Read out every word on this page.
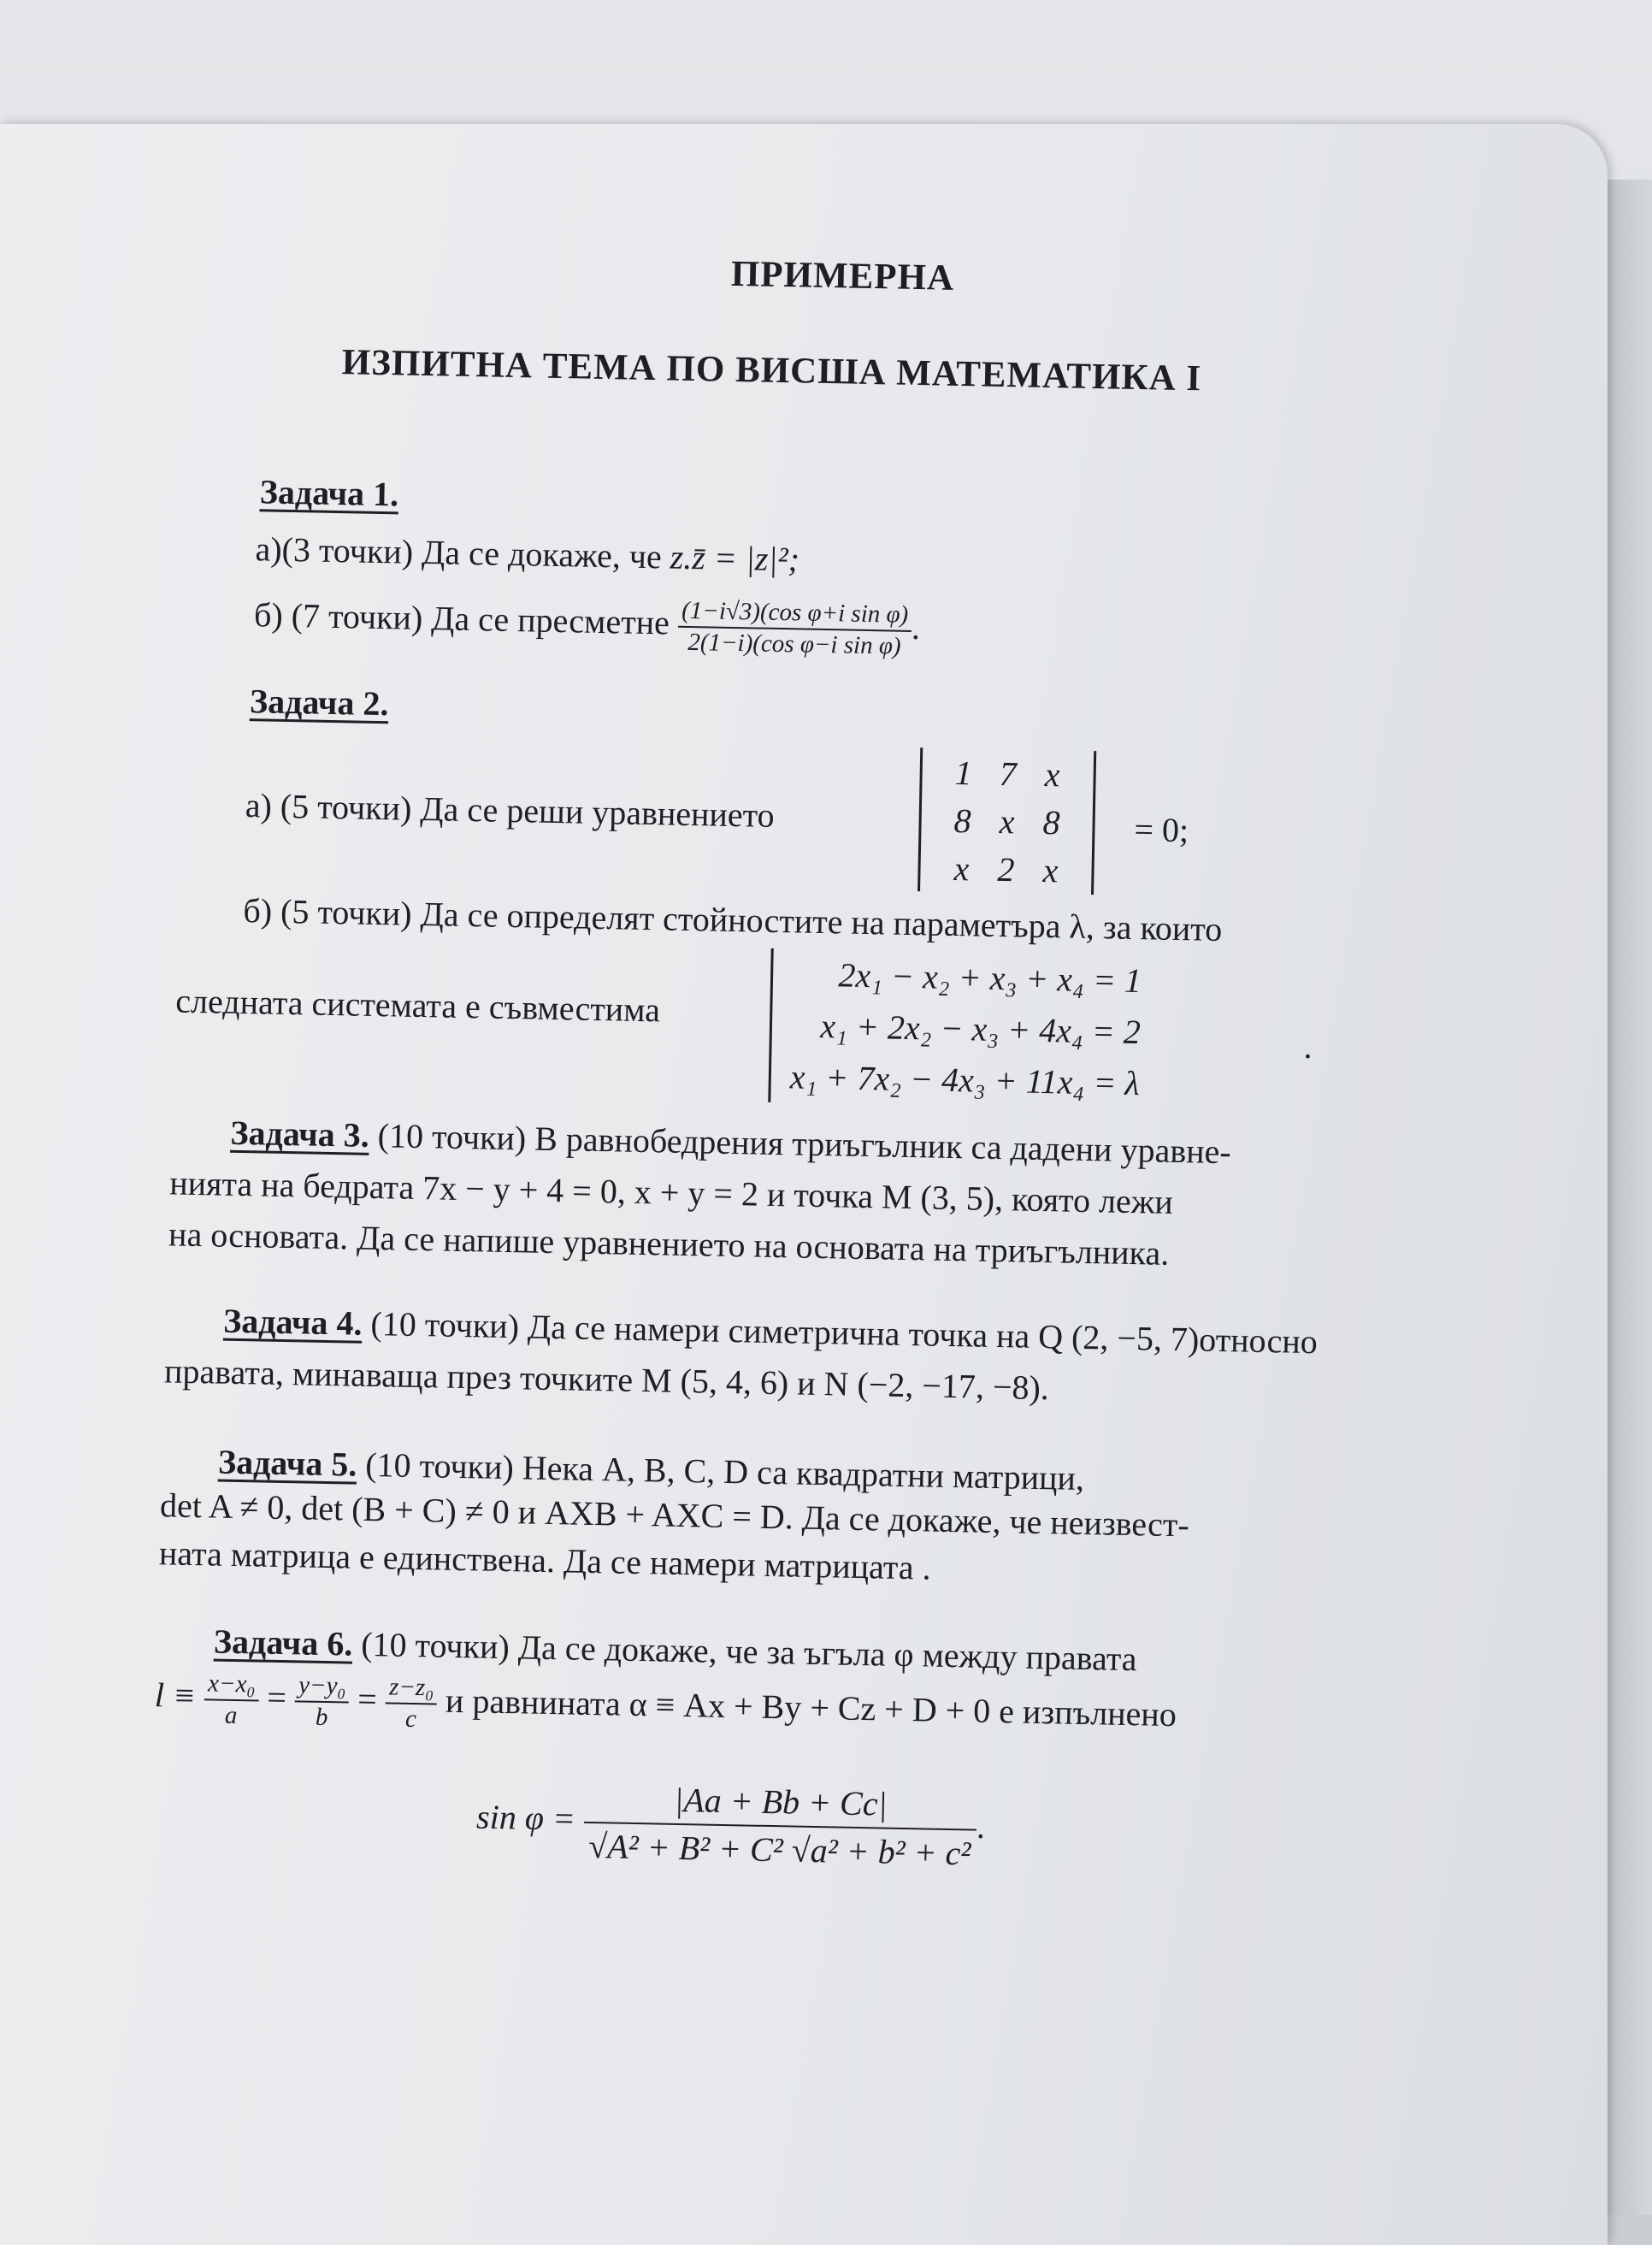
ПРИМЕРНА
ИЗПИТНА ТЕМА ПО ВИСША МАТЕМАТИКА I
Задача 1.
а)(3 точки) Да се докаже, че z.z̄ = |z|²;
б) (7 точки) Да се пресметне $\frac{\text{(1−i√3)(cos φ+i sin φ)}}{\text{2(1−i)(cos φ−i sin φ)}}$
.
Задача 2.
а) (5 точки) Да се реши уравнението
1	7	x
8	x	8
x	2	x
= 0;
б) (5 точки) Да се определят стойностите на параметъра λ, за които
следната системата е съвместима
2x₁ − x₂ + x₃ + x₄ = 1
x₁ + 2x₂ − x₃ + 4x₄ = 2
x₁ + 7x₂ − 4x₃ + 11x₄ = λ
.
Задача 3. (10 точки) В равнобедрения триъгълник са дадени уравне-
нията на бедрата 7x − y + 4 = 0, x + y = 2 и точка M (3, 5), която лежи
на основата. Да се напише уравнението на основата на триъгълника.
Задача 4. (10 точки) Да се намери симетрична точка на Q (2, −5, 7)относно
правата, минаваща през точките M (5, 4, 6) и N (−2, −17, −8).
Задача 5. (10 точки) Нека A, B, C, D са квадратни матрици,
det A ≠ 0, det (B + C) ≠ 0 и AXB + AXC = D. Да се докаже, че неизвест-
ната матрица е единствена. Да се намери матрицата .
Задача 6. (10 точки) Да се докаже, че за ъгъла φ между правата
$l \equiv \frac{\text{x−x₀}}{a} = \frac{\text{y−y₀}}{b} = \frac{\text{z−z₀}}{c}$ и равнината α ≡ Ax + By + Cz + D + 0 е изпълнено
$\sin \varphi = \frac{|Aa + Bb + Cc|}{\text{√A² + B² + C² √a² + b² + c²}}$
.
